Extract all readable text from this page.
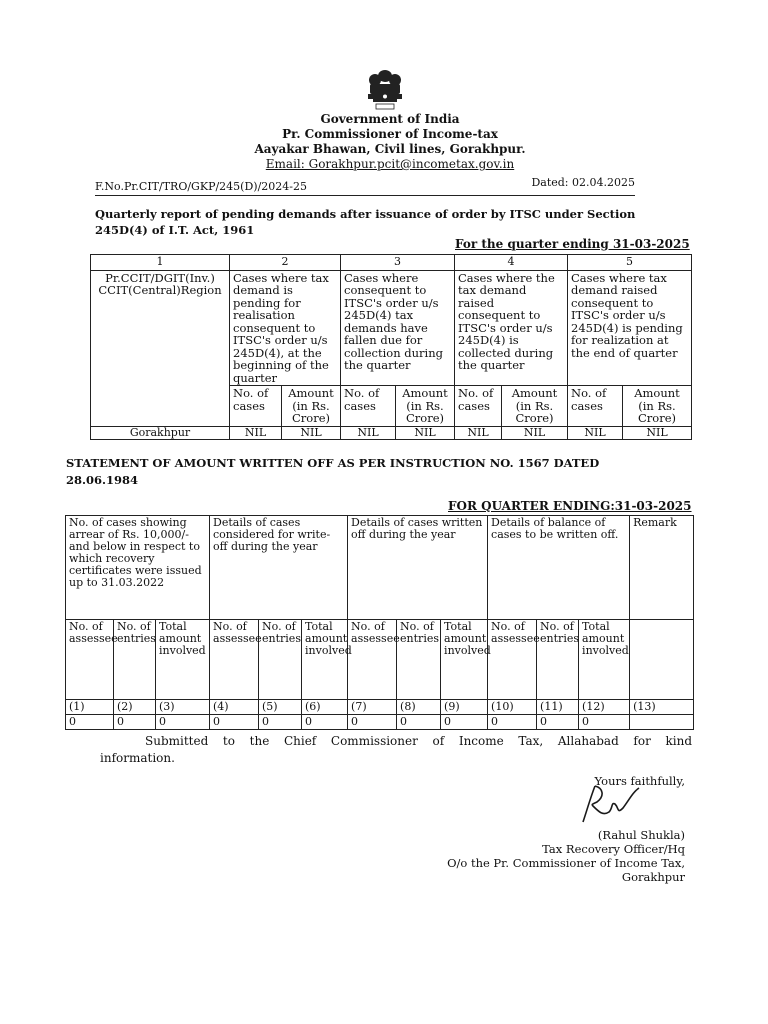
Government of India
Pr. Commissioner of Income-tax
Aayakar Bhawan, Civil lines, Gorakhpur.
Email: Gorakhpur.pcit@incometax.gov.in
F.No.Pr.CIT/TRO/GKP/245(D)/2024-25	Dated: 02.04.2025
Quarterly report of pending demands after issuance of order by ITSC under Section 245D(4) of I.T. Act, 1961
For the quarter ending 31-03-2025
1	2		3		4		5	
Pr.CCIT/DGIT(Inv.) CCIT(Central)Region	Cases where tax demand is pending for realisation consequent to ITSC's order u/s 245D(4), at the beginning of the quarter		Cases where consequent to ITSC's order u/s 245D(4) tax demands have fallen due for collection during the quarter		Cases where the tax demand raised consequent to ITSC's order u/s 245D(4) is collected during the quarter		Cases where tax demand raised consequent to ITSC's order u/s 245D(4) is pending for realization at the end of quarter	
	No. of cases	Amount (in Rs. Crore)	No. of cases	Amount (in Rs. Crore)	No. of cases	Amount (in Rs. Crore)	No. of cases	Amount (in Rs. Crore)
Gorakhpur	NIL	NIL	NIL	NIL	NIL	NIL	NIL	NIL
STATEMENT OF AMOUNT WRITTEN OFF AS PER INSTRUCTION NO. 1567 DATED 28.06.1984
FOR QUARTER ENDING:31-03-2025
No. of cases showing arrear of Rs. 10,000/- and below in respect to which recovery certificates were issued up to 31.03.2022			Details of cases considered for write-off during the year			Details of cases written off during the year			Details of balance of cases to be written off.			Remark
No. of assessee	No. of entries	Total amount involved	No. of assessee	No. of entries	Total amount involved	No. of assessee	No. of entries	Total amount involved	No. of assessee	No. of entries	Total amount involved	
(1)	(2)	(3)	(4)	(5)	(6)	(7)	(8)	(9)	(10)	(11)	(12)	(13)
0	0	0	0	0	0	0	0	0	0	0	0	
Submitted to the Chief Commissioner of Income Tax, Allahabad for kind
information.
Yours faithfully,
(Rahul Shukla)
Tax Recovery Officer/Hq
O/o the Pr. Commissioner of Income Tax,
Gorakhpur
